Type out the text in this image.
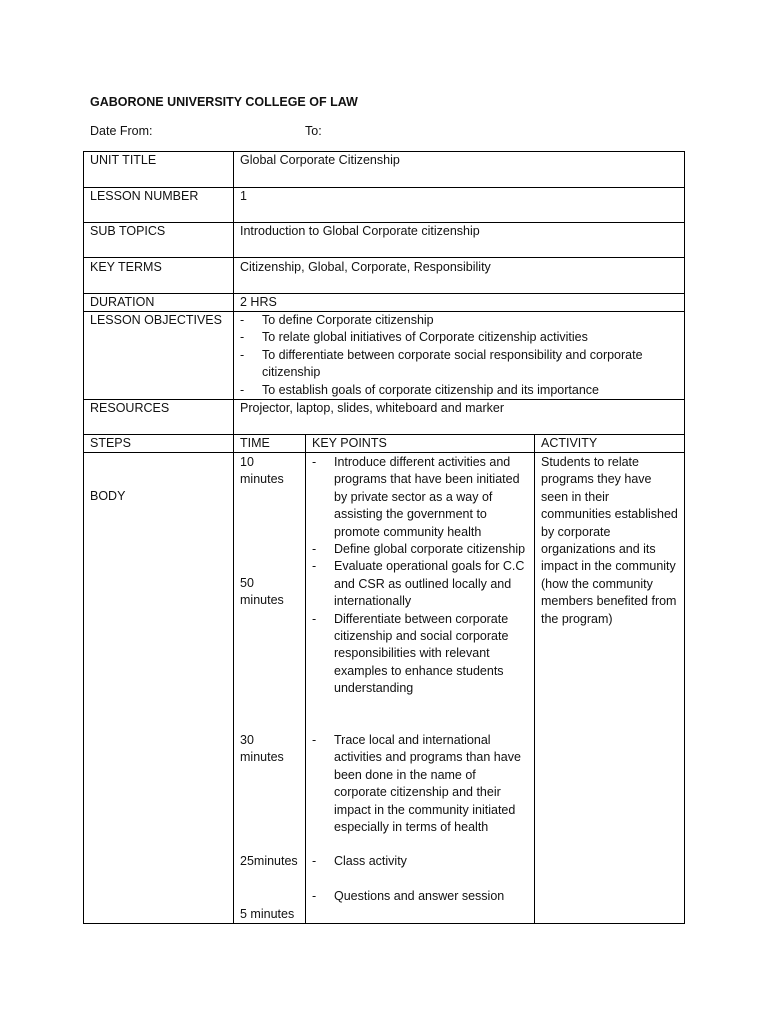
GABORONE UNIVERSITY COLLEGE OF LAW
Date From:	To:
UNIT TITLE	Global Corporate Citizenship
LESSON NUMBER	1
SUB TOPICS	Introduction to Global Corporate citizenship
KEY TERMS	Citizenship, Global, Corporate, Responsibility
DURATION	2 HRS
LESSON OBJECTIVES
-	To define Corporate citizenship
- To relate global initiatives of Corporate citizenship activities
- To differentiate between corporate social responsibility and corporate citizenship
- To establish goals of corporate citizenship and its importance
RESOURCES	Projector, laptop, slides, whiteboard and marker
STEPS	TIME	KEY POINTS	ACTIVITY
BODY
10 minutes
50 minutes
30 minutes
25minutes
5 minutes
- Introduce different activities and programs that have been initiated by private sector as a way of assisting the government to promote community health
- Define global corporate citizenship
- Evaluate operational goals for C.C and CSR as outlined locally and internationally
- Differentiate between corporate citizenship and social corporate responsibilities with relevant examples to enhance students understanding
- Trace local and international activities and programs than have been done in the name of corporate citizenship and their impact in the community initiated especially in terms of health
- Class activity
- Questions and answer session
Students to relate programs they have seen in their communities established by corporate organizations and its impact in the community (how the community members benefited from the program)
